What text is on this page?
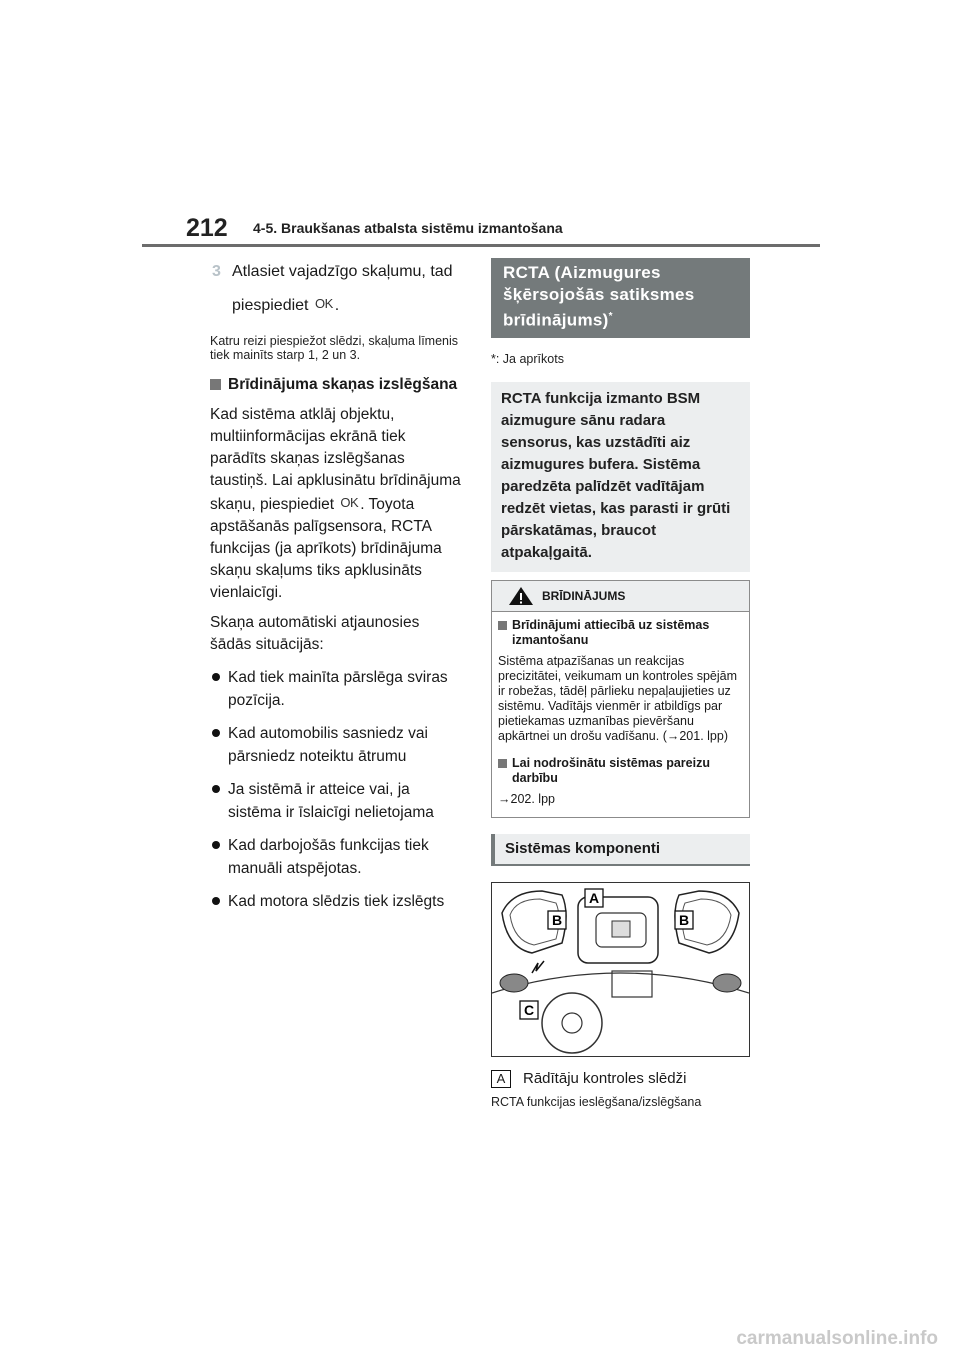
212 4-5. Braukšanas atbalsta sistēmu izmantošana
3 Atlasiet vajadzīgo skaļumu, tad
piespiediet OK .
Katru reizi piespiežot slēdzi, skaļuma līmenis tiek mainīts starp 1, 2 un 3.
Brīdinājuma skaņas izslēgšana
Kad sistēma atklāj objektu, multiinformācijas ekrānā tiek parādīts skaņas izslēgšanas taustiņš. Lai apklusinātu brīdinājuma skaņu, piespiediet OK . Toyota apstāšanās palīgsensora, RCTA funkcijas (ja aprīkots) brīdinājuma skaņu skaļums tiks apklusināts vienlaicīgi.
Skaņa automātiski atjaunosies šādās situācijās:
Kad tiek mainīta pārslēga sviras pozīcija.
Kad automobilis sasniedz vai pārsniedz noteiktu ātrumu
Ja sistēmā ir atteice vai, ja sistēma ir īslaicīgi nelietojama
Kad darbojošās funkcijas tiek manuāli atspējotas.
Kad motora slēdzis tiek izslēgts
RCTA (Aizmugures šķērsojošās satiksmes brīdinājums)*
*: Ja aprīkots
RCTA funkcija izmanto BSM aizmugure sānu radara sensorus, kas uzstādīti aiz aizmugures bufera. Sistēma paredzēta palīdzēt vadītājam redzēt vietas, kas parasti ir grūti pārskatāmas, braucot atpakaļgaitā.
BRĪDINĀJUMS
Brīdinājumi attiecībā uz sistēmas izmantošanu
Sistēma atpazīšanas un reakcijas precizitātei, veikumam un kontroles spējām ir robežas, tādēļ pārlieku nepaļaujieties uz sistēmu. Vadītājs vienmēr ir atbildīgs par pietiekamas uzmanības pievēršanu apkārtnei un drošu vadīšanu. (→201. lpp)
Lai nodrošinātu sistēmas pareizu darbību
→202. lpp
Sistēmas komponenti
A
B	B
C
A	Rādītāju kontroles slēdži
RCTA funkcijas ieslēgšana/izslēgšana
carmanualsonline.info
